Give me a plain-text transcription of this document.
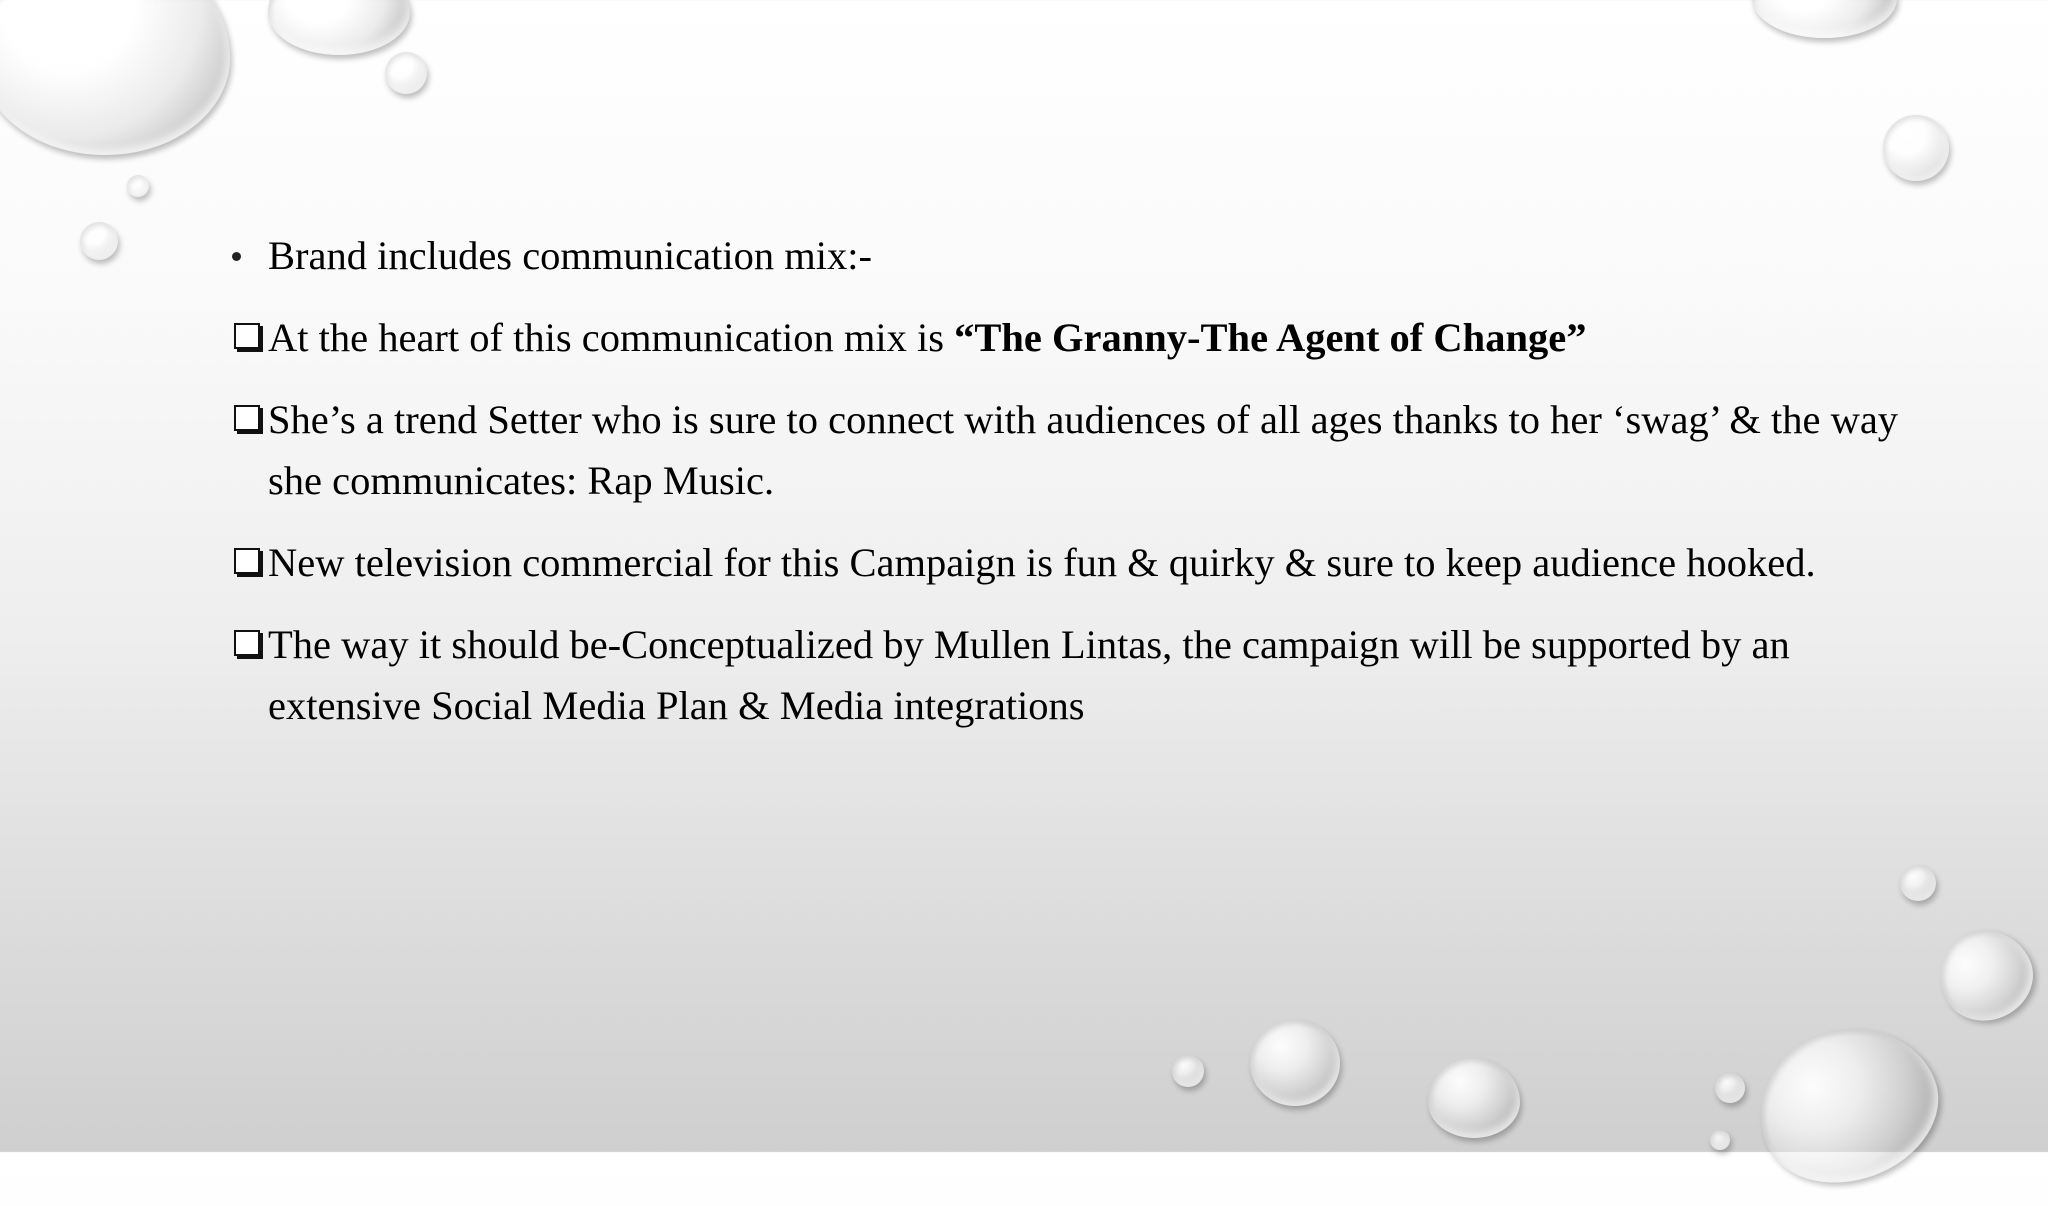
Brand includes communication mix:-
At the heart of this communication mix is “The Granny-The Agent of Change”
She’s a trend Setter who is sure to connect with audiences of all ages thanks to her ‘swag’ & the way she communicates: Rap Music.
New television commercial for this Campaign is fun & quirky & sure to keep audience hooked.
The way it should be-Conceptualized by Mullen Lintas, the campaign will be supported by an extensive Social Media Plan & Media integrations
